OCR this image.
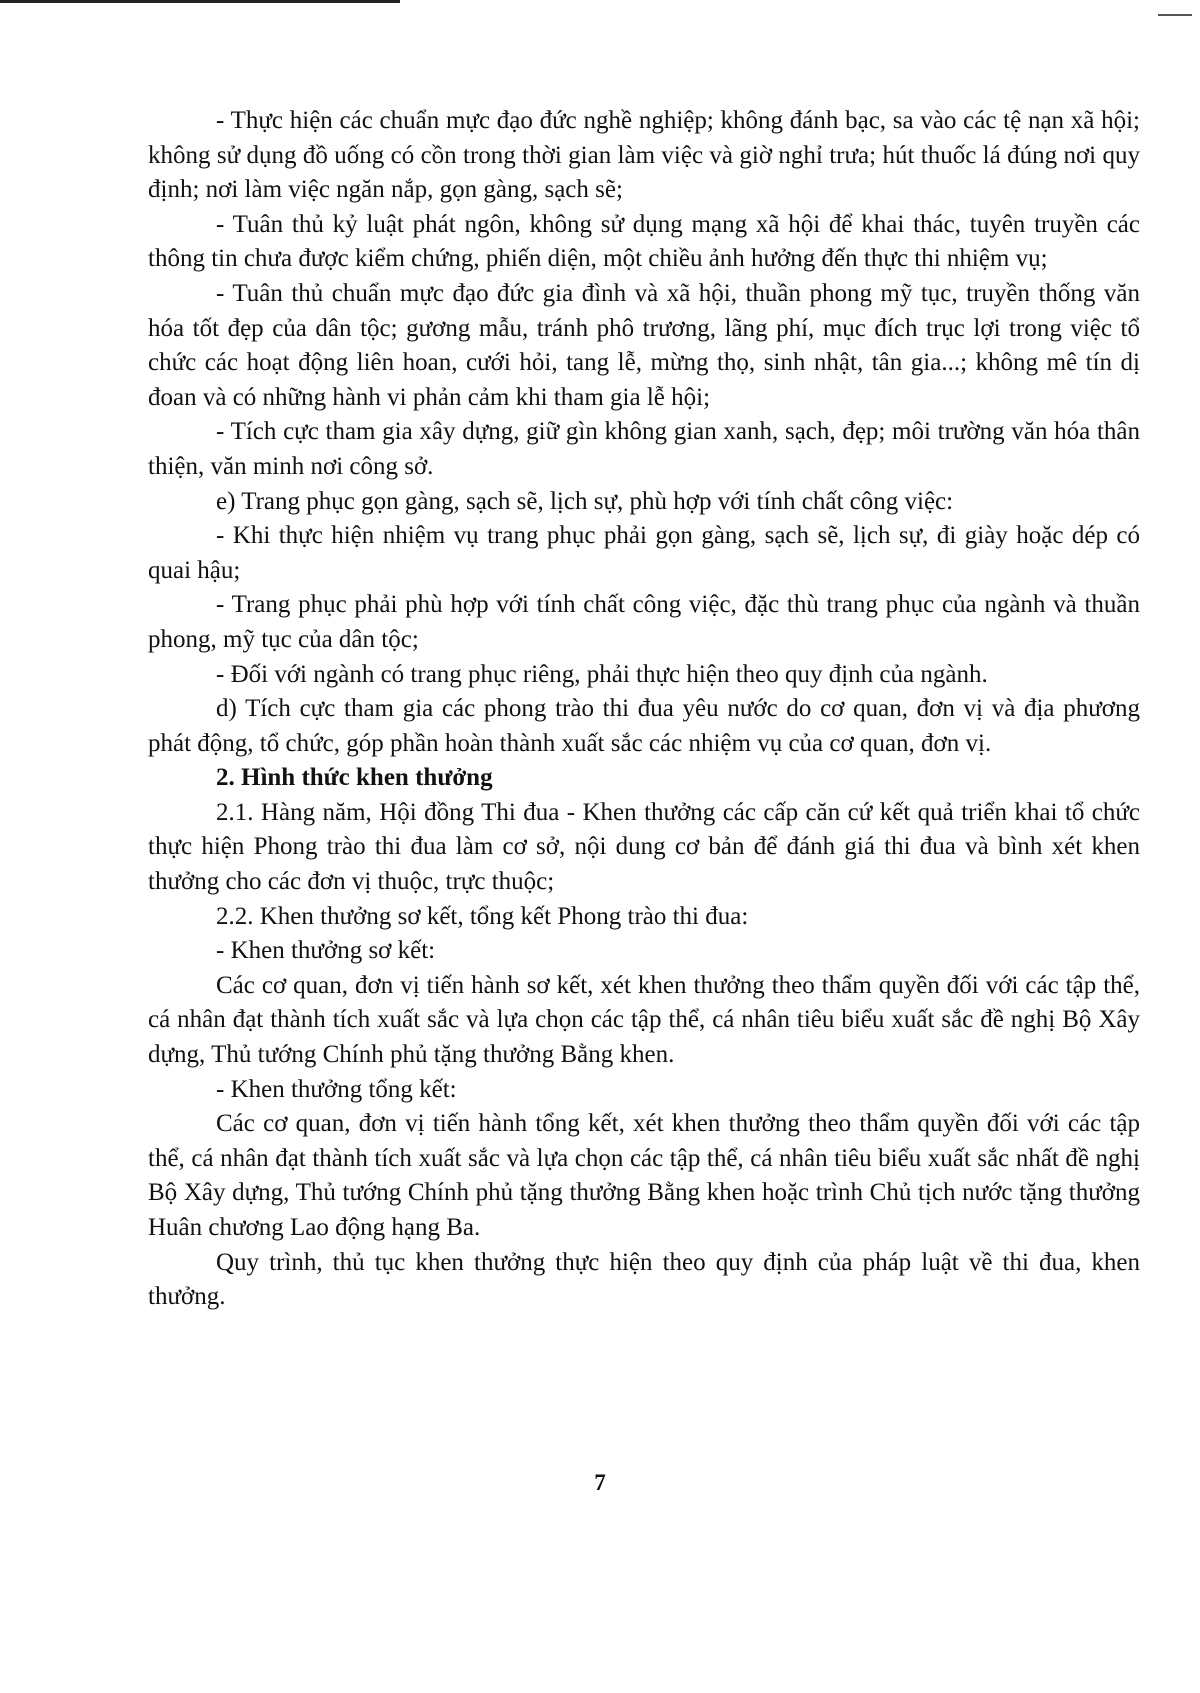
- Thực hiện các chuẩn mực đạo đức nghề nghiệp; không đánh bạc, sa vào các tệ nạn xã hội; không sử dụng đồ uống có cồn trong thời gian làm việc và giờ nghỉ trưa; hút thuốc lá đúng nơi quy định; nơi làm việc ngăn nắp, gọn gàng, sạch sẽ;

- Tuân thủ kỷ luật phát ngôn, không sử dụng mạng xã hội để khai thác, tuyên truyền các thông tin chưa được kiểm chứng, phiến diện, một chiều ảnh hưởng đến thực thi nhiệm vụ;

- Tuân thủ chuẩn mực đạo đức gia đình và xã hội, thuần phong mỹ tục, truyền thống văn hóa tốt đẹp của dân tộc; gương mẫu, tránh phô trương, lãng phí, mục đích trục lợi trong việc tổ chức các hoạt động liên hoan, cưới hỏi, tang lễ, mừng thọ, sinh nhật, tân gia...; không mê tín dị đoan và có những hành vi phản cảm khi tham gia lễ hội;

- Tích cực tham gia xây dựng, giữ gìn không gian xanh, sạch, đẹp; môi trường văn hóa thân thiện, văn minh nơi công sở.

e) Trang phục gọn gàng, sạch sẽ, lịch sự, phù hợp với tính chất công việc:

- Khi thực hiện nhiệm vụ trang phục phải gọn gàng, sạch sẽ, lịch sự, đi giày hoặc dép có quai hậu;

- Trang phục phải phù hợp với tính chất công việc, đặc thù trang phục của ngành và thuần phong, mỹ tục của dân tộc;

- Đối với ngành có trang phục riêng, phải thực hiện theo quy định của ngành.

d) Tích cực tham gia các phong trào thi đua yêu nước do cơ quan, đơn vị và địa phương phát động, tổ chức, góp phần hoàn thành xuất sắc các nhiệm vụ của cơ quan, đơn vị.

2. Hình thức khen thưởng

2.1. Hàng năm, Hội đồng Thi đua - Khen thưởng các cấp căn cứ kết quả triển khai tổ chức thực hiện Phong trào thi đua làm cơ sở, nội dung cơ bản để đánh giá thi đua và bình xét khen thưởng cho các đơn vị thuộc, trực thuộc;

2.2. Khen thưởng sơ kết, tổng kết Phong trào thi đua:

- Khen thưởng sơ kết:

Các cơ quan, đơn vị tiến hành sơ kết, xét khen thưởng theo thẩm quyền đối với các tập thể, cá nhân đạt thành tích xuất sắc và lựa chọn các tập thể, cá nhân tiêu biểu xuất sắc đề nghị Bộ Xây dựng, Thủ tướng Chính phủ tặng thưởng Bằng khen.

- Khen thưởng tổng kết:

Các cơ quan, đơn vị tiến hành tổng kết, xét khen thưởng theo thẩm quyền đối với các tập thể, cá nhân đạt thành tích xuất sắc và lựa chọn các tập thể, cá nhân tiêu biểu xuất sắc nhất đề nghị Bộ Xây dựng, Thủ tướng Chính phủ tặng thưởng Bằng khen hoặc trình Chủ tịch nước tặng thưởng Huân chương Lao động hạng Ba.

Quy trình, thủ tục khen thưởng thực hiện theo quy định của pháp luật về thi đua, khen thưởng.

7
